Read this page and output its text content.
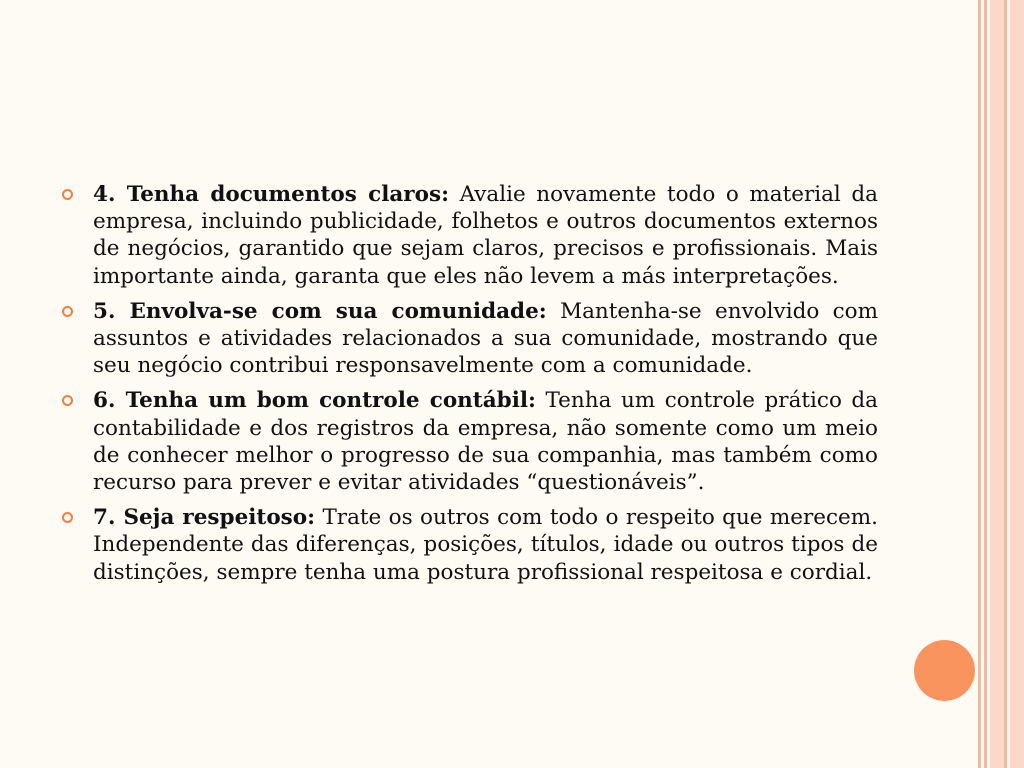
4. Tenha documentos claros: Avalie novamente todo o material da empresa, incluindo publicidade, folhetos e outros documentos externos de negócios, garantido que sejam claros, precisos e profissionais. Mais importante ainda, garanta que eles não levem a más interpretações.
5. Envolva-se com sua comunidade: Mantenha-se envolvido com assuntos e atividades relacionados a sua comunidade, mostrando que seu negócio contribui responsavelmente com a comunidade.
6. Tenha um bom controle contábil: Tenha um controle prático da contabilidade e dos registros da empresa, não somente como um meio de conhecer melhor o progresso de sua companhia, mas também como recurso para prever e evitar atividades “questionáveis”.
7. Seja respeitoso: Trate os outros com todo o respeito que merecem. Independente das diferenças, posições, títulos, idade ou outros tipos de distinções, sempre tenha uma postura profissional respeitosa e cordial.
